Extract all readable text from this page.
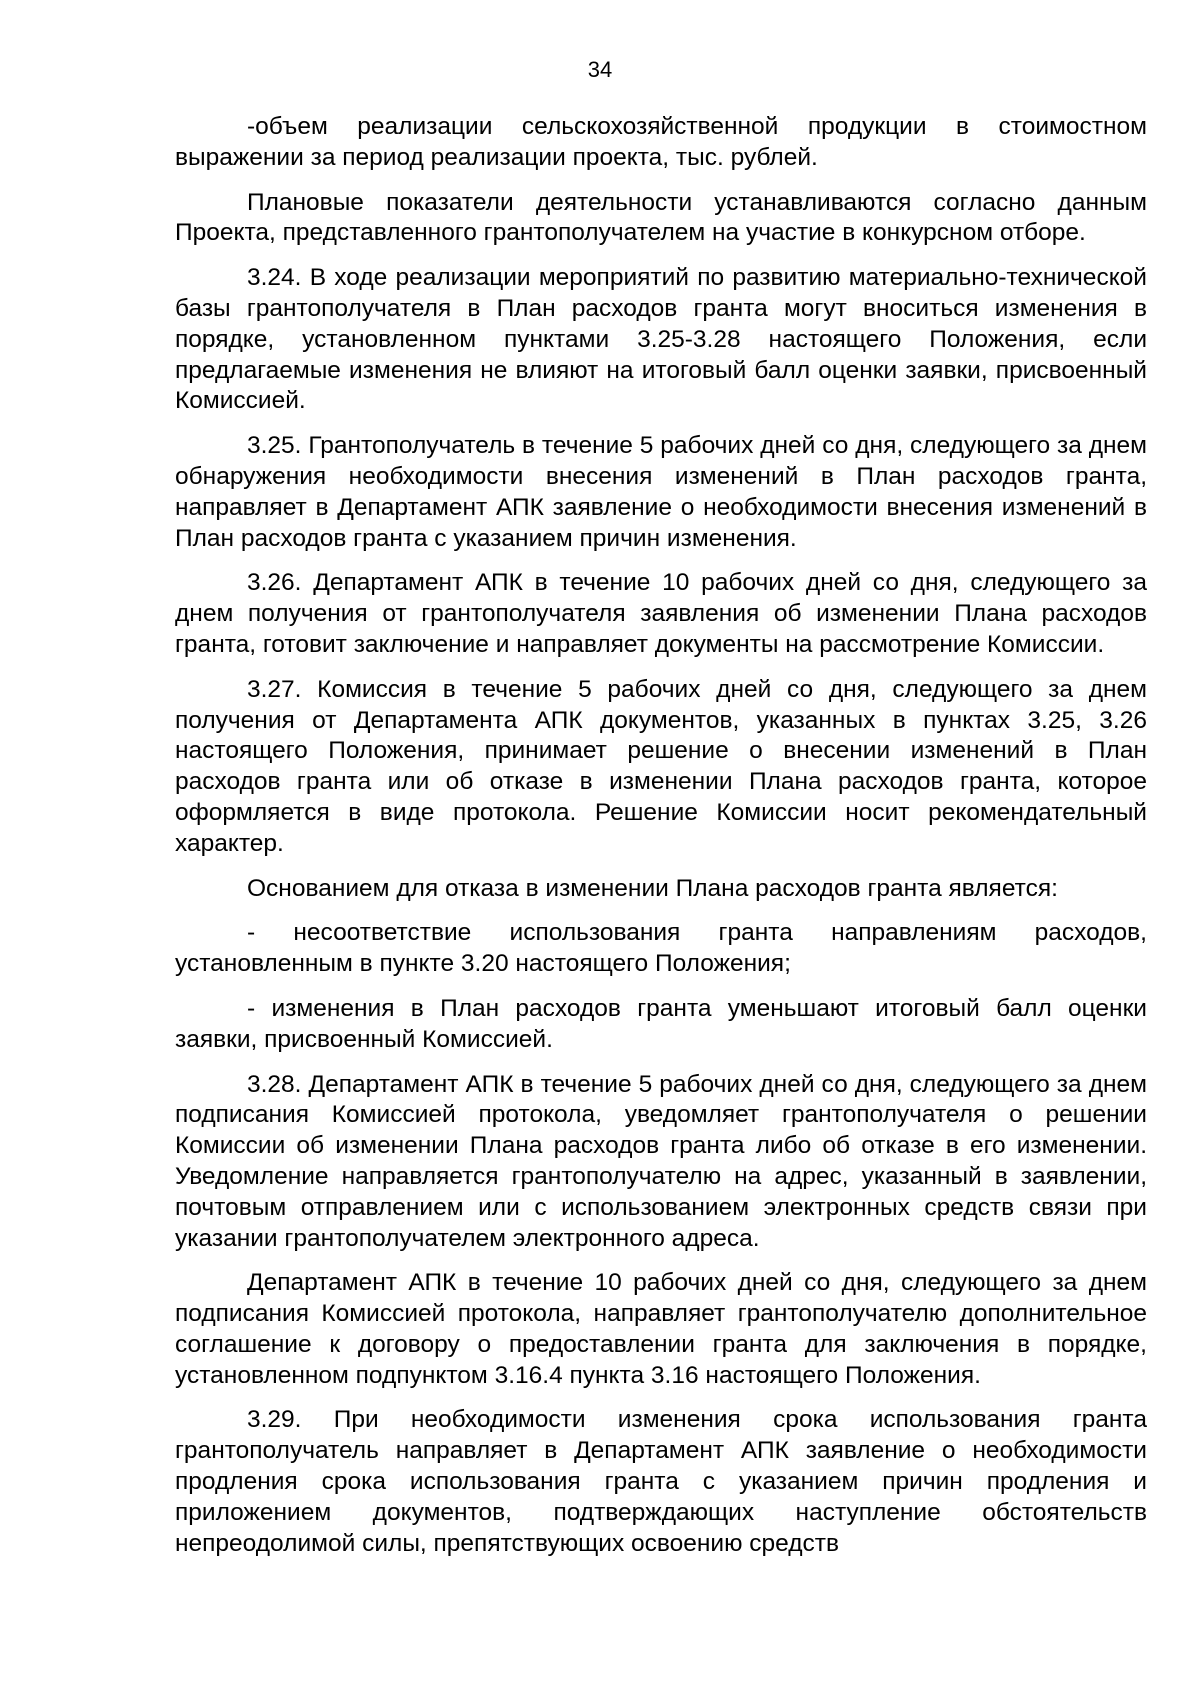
34

-объем реализации сельскохозяйственной продукции в стоимостном выражении за период реализации проекта, тыс. рублей.

Плановые показатели деятельности устанавливаются согласно данным Проекта, представленного грантополучателем на участие в конкурсном отборе.

3.24. В ходе реализации мероприятий по развитию материально-технической базы грантополучателя в План расходов гранта могут вноситься изменения в порядке, установленном пунктами 3.25-3.28 настоящего Положения, если предлагаемые изменения не влияют на итоговый балл оценки заявки, присвоенный Комиссией.

3.25. Грантополучатель в течение 5 рабочих дней со дня, следующего за днем обнаружения необходимости внесения изменений в План расходов гранта, направляет в Департамент АПК заявление о необходимости внесения изменений в План расходов гранта с указанием причин изменения.

3.26. Департамент АПК в течение 10 рабочих дней со дня, следующего за днем получения от грантополучателя заявления об изменении Плана расходов гранта, готовит заключение и направляет документы на рассмотрение Комиссии.

3.27. Комиссия в течение 5 рабочих дней со дня, следующего за днем получения от Департамента АПК документов, указанных в пунктах 3.25, 3.26 настоящего Положения, принимает решение о внесении изменений в План расходов гранта или об отказе в изменении Плана расходов гранта, которое оформляется в виде протокола. Решение Комиссии носит рекомендательный характер.

Основанием для отказа в изменении Плана расходов гранта является:

- несоответствие использования гранта направлениям расходов, установленным в пункте 3.20 настоящего Положения;

- изменения в План расходов гранта уменьшают итоговый балл оценки заявки, присвоенный Комиссией.

3.28. Департамент АПК в течение 5 рабочих дней со дня, следующего за днем подписания Комиссией протокола, уведомляет грантополучателя о решении Комиссии об изменении Плана расходов гранта либо об отказе в его изменении. Уведомление направляется грантополучателю на адрес, указанный в заявлении, почтовым отправлением или с использованием электронных средств связи при указании грантополучателем электронного адреса.

Департамент АПК в течение 10 рабочих дней со дня, следующего за днем подписания Комиссией протокола, направляет грантополучателю дополнительное соглашение к договору о предоставлении гранта для заключения в порядке, установленном подпунктом 3.16.4 пункта 3.16 настоящего Положения.

3.29. При необходимости изменения срока использования гранта грантополучатель направляет в Департамент АПК заявление о необходимости продления срока использования гранта с указанием причин продления и приложением документов, подтверждающих наступление обстоятельств непреодолимой силы, препятствующих освоению средств
